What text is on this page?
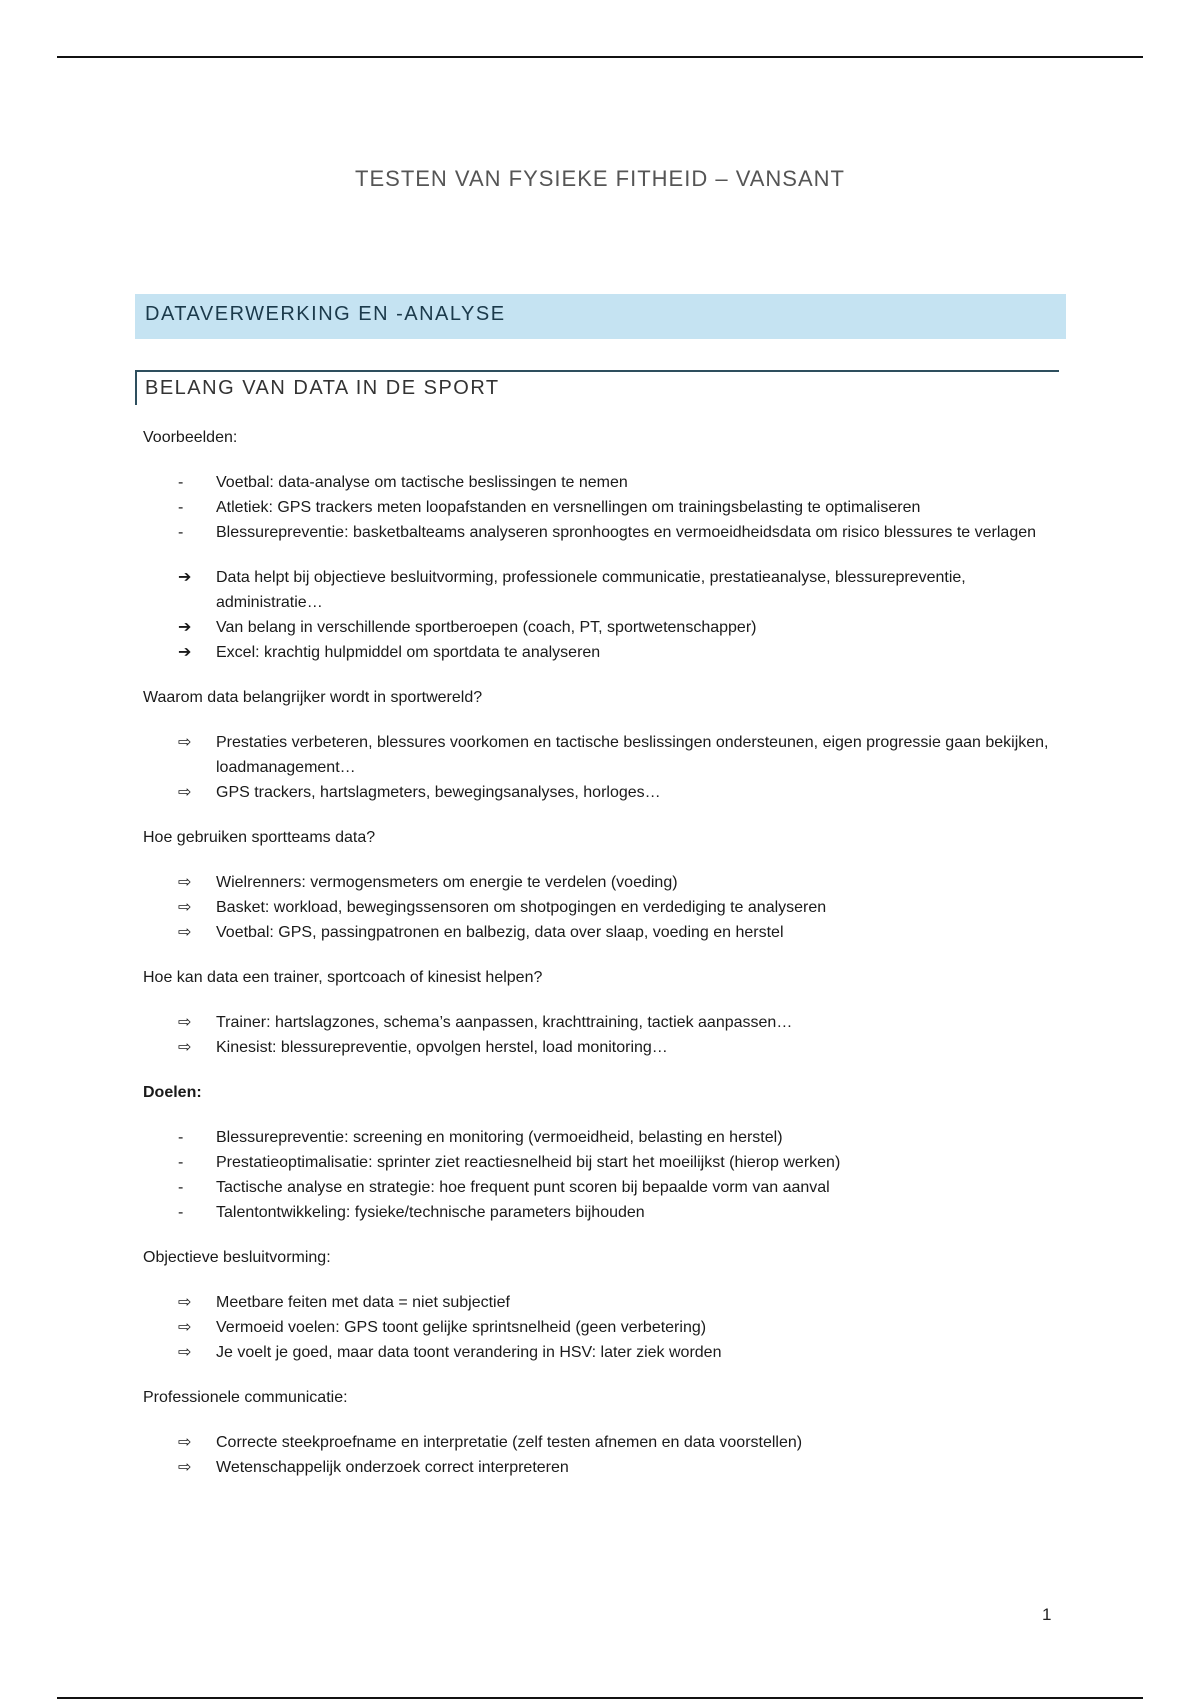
TESTEN VAN FYSIEKE FITHEID – VANSANT
DATAVERWERKING EN -ANALYSE
BELANG VAN DATA IN DE SPORT

Voorbeelden:

-	Voetbal: data-analyse om tactische beslissingen te nemen
-	Atletiek: GPS trackers meten loopafstanden en versnellingen om trainingsbelasting te optimaliseren
-	Blessurepreventie: basketbalteams analyseren spronhoogtes en vermoeidheidsdata om risico blessures te verlagen
➔	Data helpt bij objectieve besluitvorming, professionele communicatie, prestatieanalyse, blessurepreventie, administratie…
➔	Van belang in verschillende sportberoepen (coach, PT, sportwetenschapper)
➔	Excel: krachtig hulpmiddel om sportdata te analyseren

Waarom data belangrijker wordt in sportwereld?

⇨	Prestaties verbeteren, blessures voorkomen en tactische beslissingen ondersteunen, eigen progressie gaan bekijken, loadmanagement…
⇨	GPS trackers, hartslagmeters, bewegingsanalyses, horloges…

Hoe gebruiken sportteams data?

⇨	Wielrenners: vermogensmeters om energie te verdelen (voeding)
⇨	Basket: workload, bewegingssensoren om shotpogingen en verdediging te analyseren
⇨	Voetbal: GPS, passingpatronen en balbezig, data over slaap, voeding en herstel

Hoe kan data een trainer, sportcoach of kinesist helpen?

⇨	Trainer: hartslagzones, schema’s aanpassen, krachttraining, tactiek aanpassen…
⇨	Kinesist: blessurepreventie, opvolgen herstel, load monitoring…

Doelen:

-	Blessurepreventie: screening en monitoring (vermoeidheid, belasting en herstel)
-	Prestatieoptimalisatie: sprinter ziet reactiesnelheid bij start het moeilijkst (hierop werken)
-	Tactische analyse en strategie: hoe frequent punt scoren bij bepaalde vorm van aanval
-	Talentontwikkeling: fysieke/technische parameters bijhouden

Objectieve besluitvorming:

⇨	Meetbare feiten met data = niet subjectief
⇨	Vermoeid voelen: GPS toont gelijke sprintsnelheid (geen verbetering)
⇨	Je voelt je goed, maar data toont verandering in HSV: later ziek worden

Professionele communicatie:

⇨	Correcte steekproefname en interpretatie (zelf testen afnemen en data voorstellen)
⇨	Wetenschappelijk onderzoek correct interpreteren
1
